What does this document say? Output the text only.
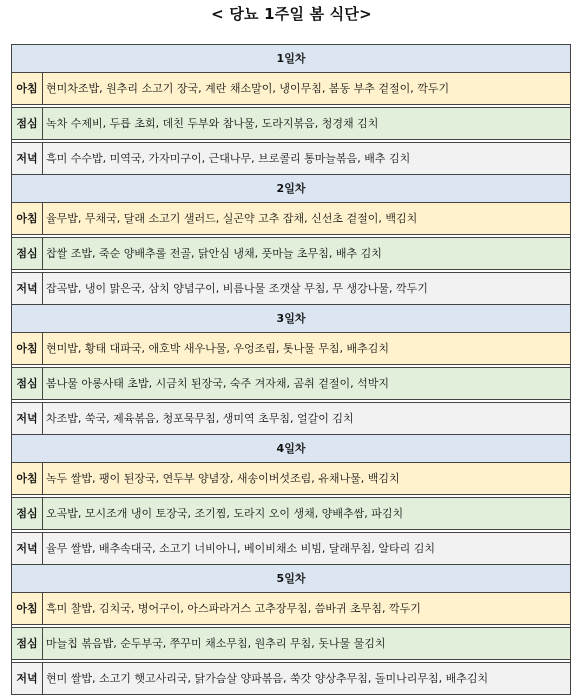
< 당뇨 1주일 봄 식단>
1일차	
아침	현미차조밥, 원추리 소고기 장국, 계란 채소말이, 냉이무침, 봄동 부추 겉절이, 깍두기

점심	녹차 수제비, 두릅 초회, 데친 두부와 참나물, 도라지볶음, 청경채 김치

저녁	흑미 수수밥, 미역국, 가자미구이, 근대나무, 브로콜리 통마늘볶음, 배추 김치
2일차	
아침	율무밥, 무채국, 달래 소고기 샐러드, 실곤약 고추 잡채, 신선초 겉절이, 백김치

점심	찹쌀 조밥, 죽순 양배추롤 전골, 닭안심 냉채, 풋마늘 초무침, 배추 김치

저녁	잡곡밥, 냉이 맑은국, 삼치 양념구이, 비름나물 조갯살 무침, 무 생강나물, 깍두기
3일차	
아침	현미밥, 황태 대파국, 애호박 새우나물, 우엉조림, 톳나물 무침, 배추김치

점심	봄나물 아롱사태 초밥, 시금치 된장국, 숙주 겨자채, 곰취 겉절이, 석박지

저녁	차조밥, 쑥국, 제육볶음, 청포묵무침, 생미역 초무침, 얼갈이 김치
4일차	
아침	녹두 쌀밥, 팽이 된장국, 연두부 양념장, 새송이버섯조림, 유채나물, 백김치

점심	오곡밥, 모시조개 냉이 토장국, 조기찜, 도라지 오이 생채, 양배추쌈, 파김치

저녁	율무 쌀밥, 배추속대국, 소고기 너비아니, 베이비채소 비빔, 달래무침, 알타리 김치
5일차	
아침	흑미 찰밥, 김치국, 병어구이, 아스파라거스 고추장무침, 씀바귀 초무침, 깍두기

점심	마늘칩 볶음밥, 순두부국, 쭈꾸미 채소무침, 원추리 무침, 돗나물 물김치

저녁	현미 쌀밥, 소고기 햇고사리국, 닭가슴살 양파볶음, 쑥갓 양상추무침, 돌미나리무침, 배추김치
